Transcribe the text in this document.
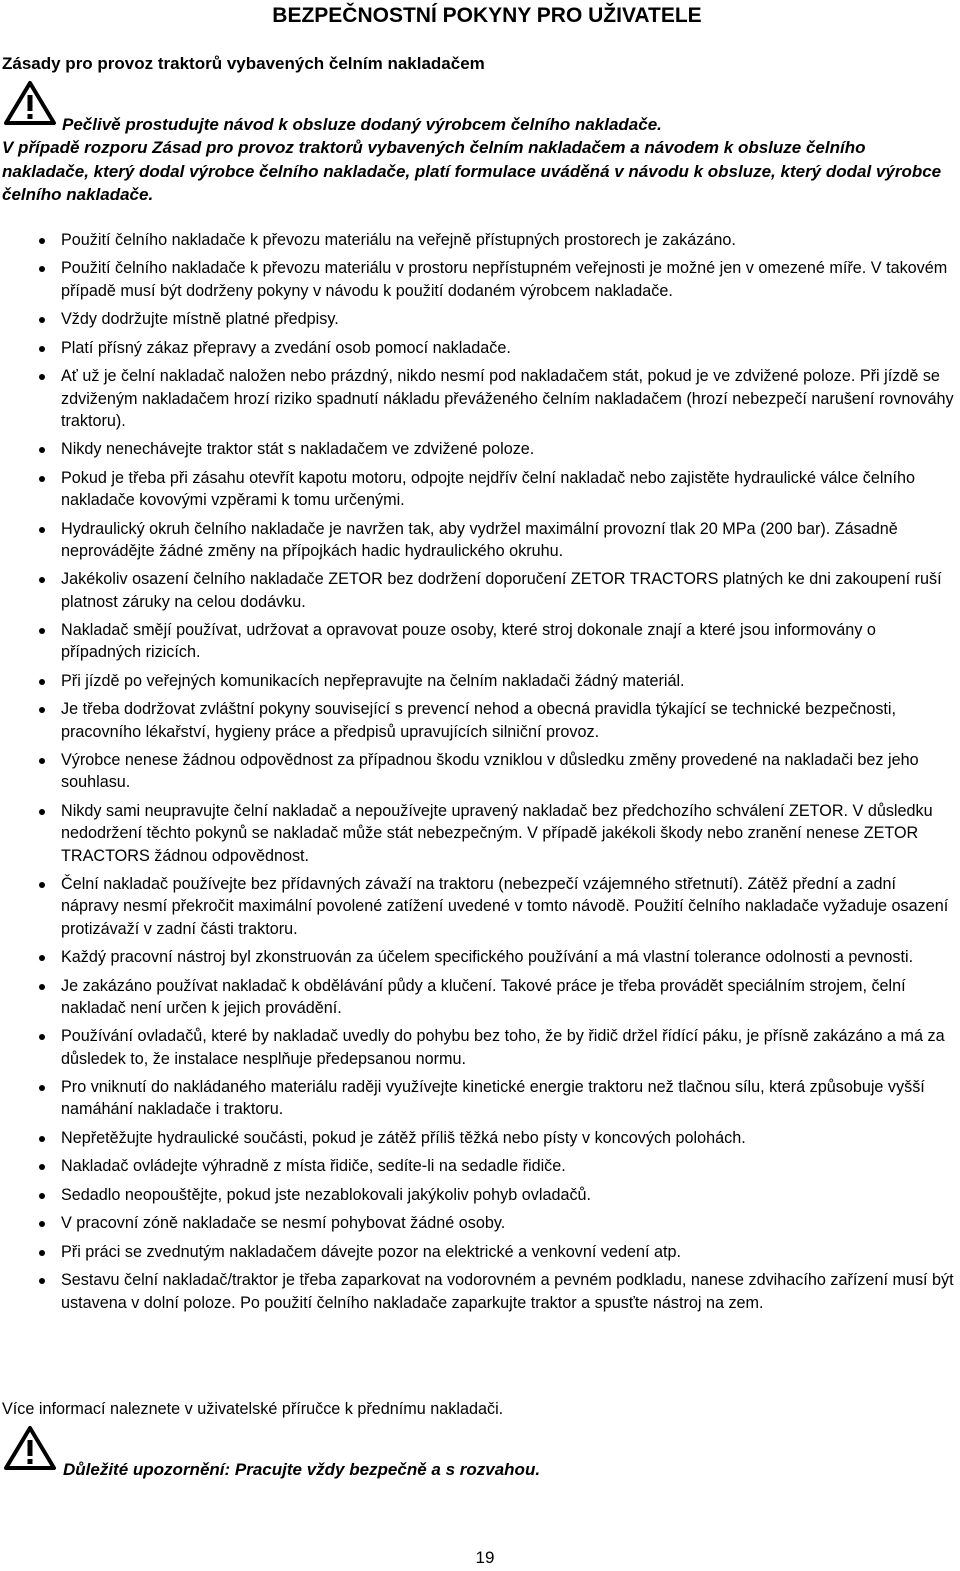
BEZPEČNOSTNÍ POKYNY PRO UŽIVATELE
Zásady pro provoz traktorů vybavených čelním nakladačem
Pečlivě prostudujte návod k obsluze dodaný výrobcem čelního nakladače.
V případě rozporu Zásad pro provoz traktorů vybavených čelním nakladačem a návodem k obsluze čelního nakladače, který dodal výrobce čelního nakladače, platí formulace uváděná v návodu k obsluze, který dodal výrobce čelního nakladače.
Použití čelního nakladače k převozu materiálu na veřejně přístupných prostorech je zakázáno.
Použití čelního nakladače k převozu materiálu v prostoru nepřístupném veřejnosti je možné jen v omezené míře. V takovém případě musí být dodrženy pokyny v návodu k použití dodaném výrobcem nakladače.
Vždy dodržujte místně platné předpisy.
Platí přísný zákaz přepravy a zvedání osob pomocí nakladače.
Ať už je čelní nakladač naložen nebo prázdný, nikdo nesmí pod nakladačem stát, pokud je ve zdvižené poloze. Při jízdě se zdviženým nakladačem hrozí riziko spadnutí nákladu převáženého čelním nakladačem (hrozí nebezpečí narušení rovnováhy traktoru).
Nikdy nenechávejte traktor stát s nakladačem ve zdvižené poloze.
Pokud je třeba při zásahu otevřít kapotu motoru, odpojte nejdřív čelní nakladač nebo zajistěte hydraulické válce čelního nakladače kovovými vzpěrami k tomu určenými.
Hydraulický okruh čelního nakladače je navržen tak, aby vydržel maximální provozní tlak 20 MPa (200 bar). Zásadně neprovádějte žádné změny na přípojkách hadic hydraulického okruhu.
Jakékoliv osazení čelního nakladače ZETOR bez dodržení doporučení ZETOR TRACTORS platných ke dni zakoupení ruší platnost záruky na celou dodávku.
Nakladač smějí používat, udržovat a opravovat pouze osoby, které stroj dokonale znají a které jsou informovány o případných rizicích.
Při jízdě po veřejných komunikacích nepřepravujte na čelním nakladači žádný materiál.
Je třeba dodržovat zvláštní pokyny související s prevencí nehod a obecná pravidla týkající se technické bezpečnosti, pracovního lékařství, hygieny práce a předpisů upravujících silniční provoz.
Výrobce nenese žádnou odpovědnost za případnou škodu vzniklou v důsledku změny provedené na nakladači bez jeho souhlasu.
Nikdy sami neupravujte čelní nakladač a nepoužívejte upravený nakladač bez předchozího schválení ZETOR. V důsledku nedodržení těchto pokynů se nakladač může stát nebezpečným. V případě jakékoli škody nebo zranění nenese ZETOR TRACTORS žádnou odpovědnost.
Čelní nakladač používejte bez přídavných závaží na traktoru (nebezpečí vzájemného střetnutí). Zátěž přední a zadní nápravy nesmí překročit maximální povolené zatížení uvedené v tomto návodě. Použití čelního nakladače vyžaduje osazení protizávaží v zadní části traktoru.
Každý pracovní nástroj byl zkonstruován za účelem specifického používání a má vlastní tolerance odolnosti a pevnosti.
Je zakázáno používat nakladač k obdělávání půdy a klučení. Takové práce je třeba provádět speciálním strojem, čelní nakladač není určen k jejich provádění.
Používání ovladačů, které by nakladač uvedly do pohybu bez toho, že by řidič držel řídící páku, je přísně zakázáno a má za důsledek to, že instalace nesplňuje předepsanou normu.
Pro vniknutí do nakládaného materiálu raději využívejte kinetické energie traktoru než tlačnou sílu, která způsobuje vyšší namáhání nakladače i traktoru.
Nepřetěžujte hydraulické součásti, pokud je zátěž příliš těžká nebo písty v koncových polohách.
Nakladač ovládejte výhradně z místa řidiče, sedíte-li na sedadle řidiče.
Sedadlo neopouštějte, pokud jste nezablokovali jakýkoliv pohyb ovladačů.
V pracovní zóně nakladače se nesmí pohybovat žádné osoby.
Při práci se zvednutým nakladačem dávejte pozor na elektrické a venkovní vedení atp.
Sestavu čelní nakladač/traktor je třeba zaparkovat na vodorovném a pevném podkladu, nanese zdvihacího zařízení musí být ustavena v dolní poloze. Po použití čelního nakladače zaparkujte traktor a spusťte nástroj na zem.
Více informací naleznete v uživatelské příručce k přednímu nakladači.
Důležité upozornění: Pracujte vždy bezpečně a s rozvahou.
19
